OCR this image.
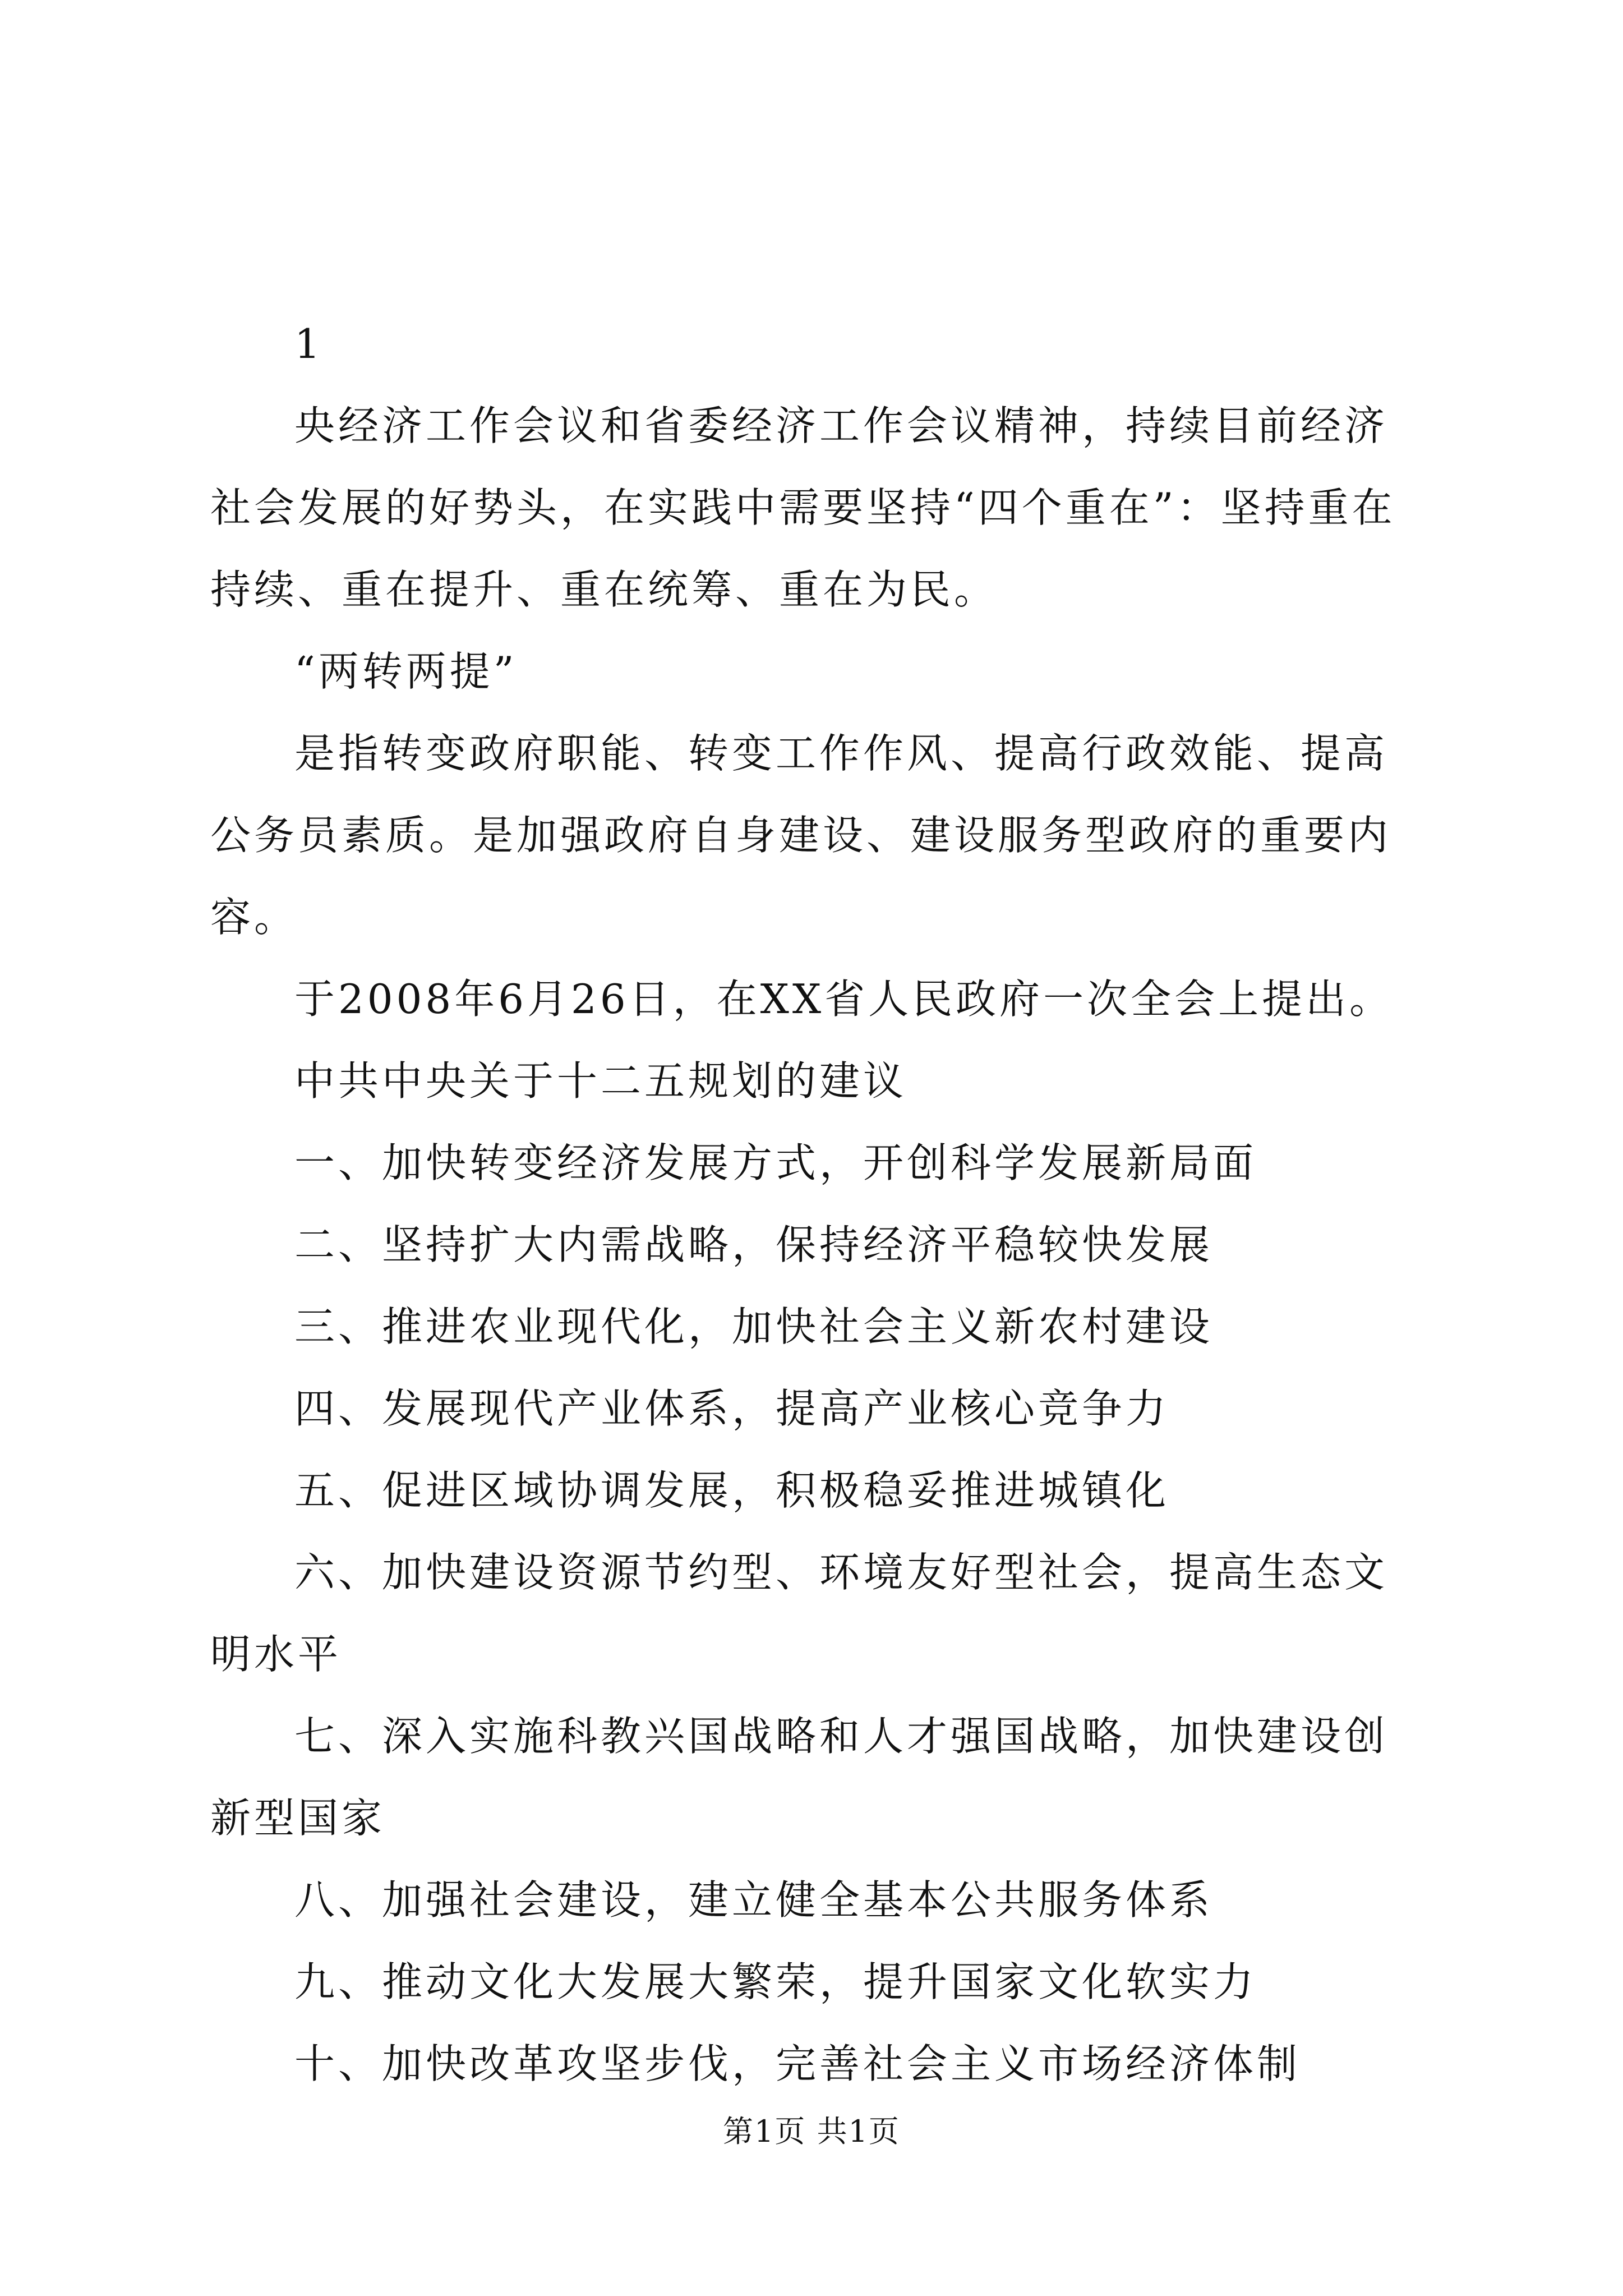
1

央经济工作会议和省委经济工作会议精神，持续目前经济社会发展的好势头，在实践中需要坚持“四个重在”：坚持重在持续、重在提升、重在统筹、重在为民。

“两转两提”

是指转变政府职能、转变工作作风、提高行政效能、提高公务员素质。是加强政府自身建设、建设服务型政府的重要内容。

于2008年6月26日，在XX省人民政府一次全会上提出。

中共中央关于十二五规划的建议

一、加快转变经济发展方式，开创科学发展新局面

二、坚持扩大内需战略，保持经济平稳较快发展

三、推进农业现代化，加快社会主义新农村建设

四、发展现代产业体系，提高产业核心竞争力

五、促进区域协调发展，积极稳妥推进城镇化

六、加快建设资源节约型、环境友好型社会，提高生态文明水平

七、深入实施科教兴国战略和人才强国战略，加快建设创新型国家

八、加强社会建设，建立健全基本公共服务体系

九、推动文化大发展大繁荣，提升国家文化软实力

十、加快改革攻坚步伐，完善社会主义市场经济体制

第1页 共1页
